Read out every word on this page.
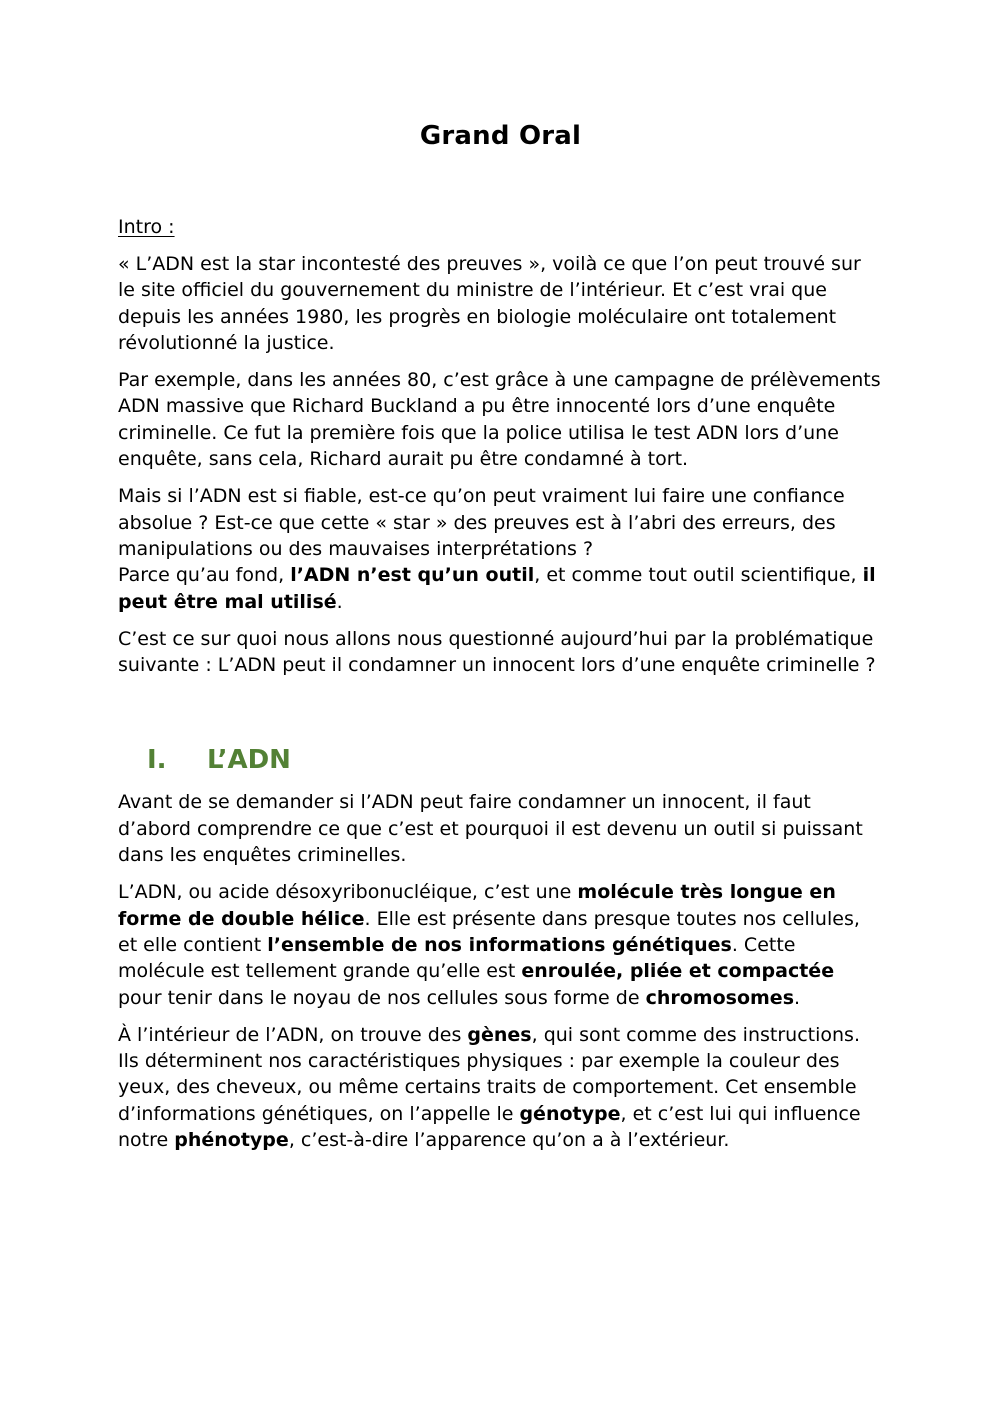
Grand Oral
Intro :

« L’ADN est la star incontesté des preuves », voilà ce que l’on peut trouvé sur le site officiel du gouvernement du ministre de l’intérieur. Et c’est vrai que depuis les années 1980, les progrès en biologie moléculaire ont totalement révolutionné la justice.

Par exemple, dans les années 80, c’est grâce à une campagne de prélèvements ADN massive que Richard Buckland a pu être innocenté lors d’une enquête criminelle. Ce fut la première fois que la police utilisa le test ADN lors d’une enquête, sans cela, Richard aurait pu être condamné à tort.

Mais si l’ADN est si fiable, est-ce qu’on peut vraiment lui faire une confiance absolue ? Est-ce que cette « star » des preuves est à l’abri des erreurs, des manipulations ou des mauvaises interprétations ?
Parce qu’au fond, l’ADN n’est qu’un outil, et comme tout outil scientifique, il peut être mal utilisé.

C’est ce sur quoi nous allons nous questionné aujourd’hui par la problématique suivante : L’ADN peut il condamner un innocent lors d’une enquête criminelle ?

I.	L’ADN

Avant de se demander si l’ADN peut faire condamner un innocent, il faut d’abord comprendre ce que c’est et pourquoi il est devenu un outil si puissant dans les enquêtes criminelles.

L’ADN, ou acide désoxyribonucléique, c’est une molécule très longue en forme de double hélice. Elle est présente dans presque toutes nos cellules, et elle contient l’ensemble de nos informations génétiques. Cette molécule est tellement grande qu’elle est enroulée, pliée et compactée pour tenir dans le noyau de nos cellules sous forme de chromosomes.

À l’intérieur de l’ADN, on trouve des gènes, qui sont comme des instructions. Ils déterminent nos caractéristiques physiques : par exemple la couleur des yeux, des cheveux, ou même certains traits de comportement. Cet ensemble d’informations génétiques, on l’appelle le génotype, et c’est lui qui influence notre phénotype, c’est-à-dire l’apparence qu’on a à l’extérieur.
